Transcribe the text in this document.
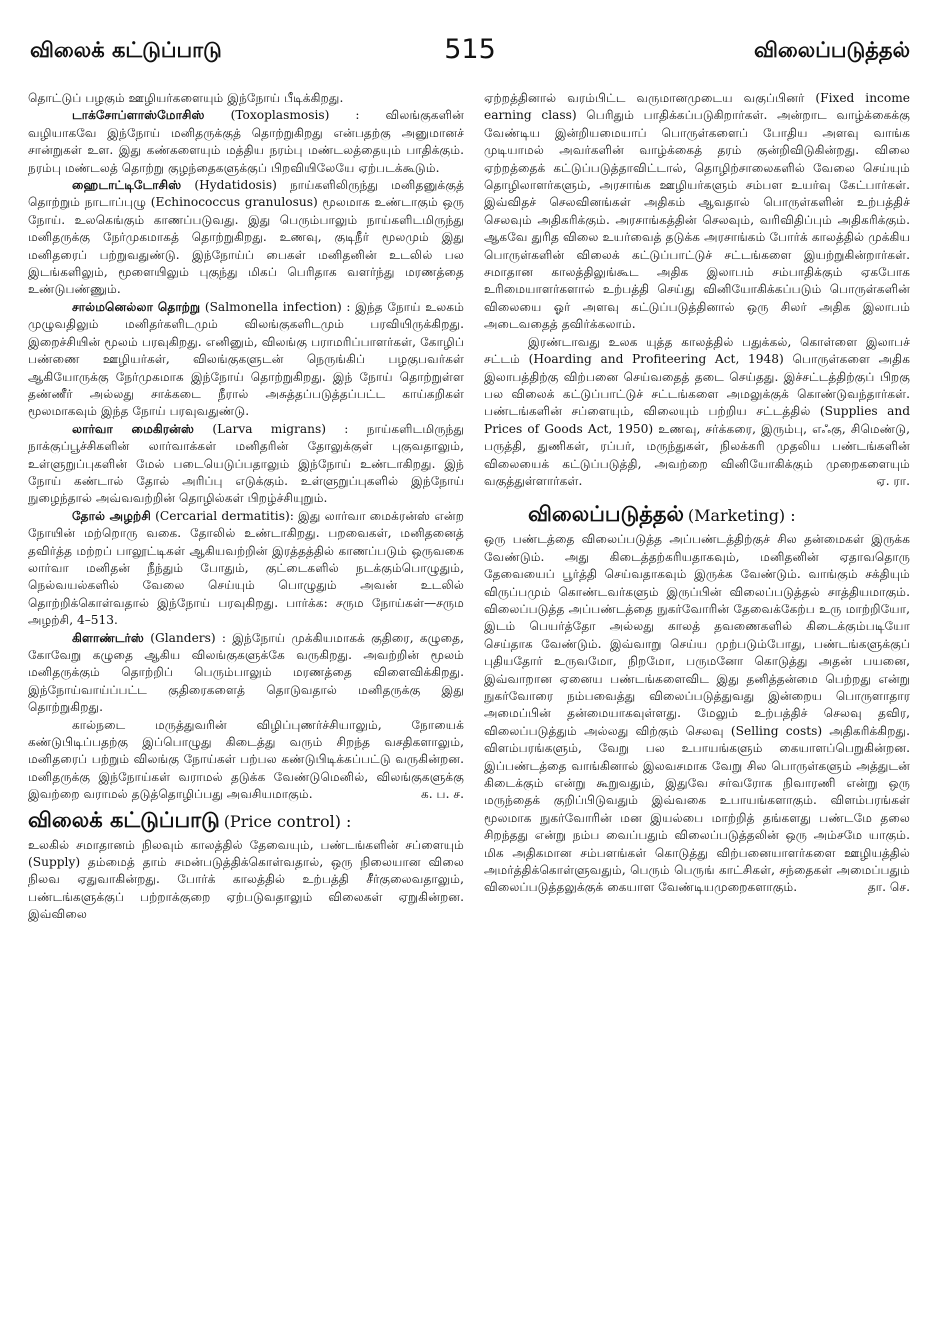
விலைக் கட்டுப்பாடு	515	விலைப்படுத்தல்

தொட்டுப் பழகும் ஊழியர்களையும் இந்நோய் பீடிக்கிறது.

டாக்சோப்ளாஸ்மோசிஸ் (Toxoplasmosis) : விலங்குகளின் வழியாகவே இந்நோய் மனிதருக்குத் தொற்றுகிறது என்பதற்கு அனுமானச் சான்றுகள் உள. இது கண்களையும் மத்திய நரம்பு மண்டலத்தையும் பாதிக்கும். நரம்பு மண்டலத் தொற்று குழந்தைகளுக்குப் பிறவியிலேயே ஏற்படக்கூடும்.

ஹைடாட்டிடோசிஸ் (Hydatidosis) நாய்களிலிருந்து மனிதனுக்குத் தொற்றும் நாடாப்புழு (Echinococcus granulosus) மூலமாக உண்டாகும் ஒரு நோய். உலகெங்கும் காணப்படுவது. இது பெரும்பாலும் நாய்களிடமிருந்து மனிதருக்கு நேர்முகமாகத் தொற்றுகிறது. உணவு, குடிநீர் மூலமும் இது மனிதரைப் பற்றுவதுண்டு. இந்நோய்ப் பைகள் மனிதனின் உடலில் பல இடங்களிலும், மூளையிலும் புகுந்து மிகப் பெரிதாக வளர்ந்து மரணத்தை உண்டுபண்ணும்.

சால்மனெல்லா தொற்று (Salmonella infection) : இந்த நோய் உலகம் முழுவதிலும் மனிதர்களிடமும் விலங்குகளிடமும் பரவியிருக்கிறது. இறைச்சியின் மூலம் பரவுகிறது. எனினும், விலங்கு பராமரிப்பாளர்கள், கோழிப் பண்ணை ஊழியர்கள், விலங்குகளுடன் நெருங்கிப் பழகுபவர்கள் ஆகியோருக்கு நேர்முகமாக இந்நோய் தொற்றுகிறது. இந் நோய் தொற்றுள்ள தண்ணீர் அல்லது சாக்கடை நீரால் அசுத்தப்படுத்தப்பட்ட காய்கறிகள் மூலமாகவும் இந்த நோய் பரவுவதுண்டு.

லார்வா மைகிரன்ஸ் (Larva migrans) : நாய்களிடமிருந்து நாக்குப்பூச்சிகளின் லார்வாக்கள் மனிதரின் தோலுக்குள் புகுவதாலும், உள்ளுறுப்புகளின் மேல் படையெடுப்பதாலும் இந்நோய் உண்டாகிறது. இந் நோய் கண்டால் தோல் அரிப்பு எடுக்கும். உள்ளுறுப்புகளில் இந்நோய் நுழைந்தால் அவ்வவற்றின் தொழில்கள் பிறழ்ச்சியுறும்.

தோல் அழற்சி (Cercarial dermatitis): இது லார்வா மைக்ரன்ஸ் என்ற நோயின் மற்றொரு வகை. தோலில் உண்டாகிறது. பறவைகள், மனிதனைத் தவிர்த்த மற்றப் பாலூட்டிகள் ஆகியவற்றின் இரத்தத்தில் காணப்படும் ஒருவகை லார்வா மனிதன் நீந்தும் போதும், குட்டைகளில் நடக்கும்பொழுதும், நெல்வயல்களில் வேலை செய்யும் பொழுதும் அவன் உடலில் தொற்றிக்கொள்வதால் இந்நோய் பரவுகிறது. பார்க்க: சரும நோய்கள்—சரும அழற்சி, 4–513.

கிளாண்டர்ஸ் (Glanders) : இந்நோய் முக்கியமாகக் குதிரை, கழுதை, கோவேறு கழுதை ஆகிய விலங்குகளுக்கே வருகிறது. அவற்றின் மூலம் மனிதருக்கும் தொற்றிப் பெரும்பாலும் மரணத்தை விளைவிக்கிறது. இந்நோய்வாய்ப்பட்ட குதிரைகளைத் தொடுவதால் மனிதருக்கு இது தொற்றுகிறது.

கால்நடை மருத்துவரின் விழிப்புணர்ச்சியாலும், நோயைக் கண்டுபிடிப்பதற்கு இப்பொழுது கிடைத்து வரும் சிறந்த வசதிகளாலும், மனிதரைப் பற்றும் விலங்கு நோய்கள் பற்பல கண்டுபிடிக்கப்பட்டு வருகின்றன. மனிதருக்கு இந்நோய்கள் வராமல் தடுக்க வேண்டுமெனில், விலங்குகளுக்கு இவற்றை வராமல் தடுத்தொழிப்பது அவசியமாகும்.	க. ப. ச.

விலைக் கட்டுப்பாடு (Price control) :

உலகில் சமாதானம் நிலவும் காலத்தில் தேவையும், பண்டங்களின் சப்ளையும் (Supply) தம்மைத் தாம் சமன்படுத்திக்கொள்வதால், ஒரு நிலையான விலை நிலவ ஏதுவாகின்றது. போர்க் காலத்தில் உற்பத்தி சீர்குலைவதாலும், பண்டங்களுக்குப் பற்றாக்குறை ஏற்படுவதாலும் விலைகள் ஏறுகின்றன. இவ்விலை

ஏற்றத்தினால் வரம்பிட்ட வருமானமுடைய வகுப்பினர் (Fixed income earning class) பெரிதும் பாதிக்கப்படுகிறார்கள். அன்றாட வாழ்க்கைக்கு வேண்டிய இன்றியமையாப் பொருள்களைப் போதிய அளவு வாங்க முடியாமல் அவர்களின் வாழ்க்கைத் தரம் குன்றிவிடுகின்றது. விலை ஏற்றத்தைக் கட்டுப்படுத்தாவிட்டால், தொழிற்சாலைகளில் வேலை செய்யும் தொழிலாளர்களும், அரசாங்க ஊழியர்களும் சம்பள உயர்வு கேட்பார்கள். இவ்விதச் செலவினங்கள் அதிகம் ஆவதால் பொருள்களின் உற்பத்திச் செலவும் அதிகரிக்கும். அரசாங்கத்தின் செலவும், வரிவிதிப்பும் அதிகரிக்கும். ஆகவே துரித விலை உயர்வைத் தடுக்க அரசாங்கம் போர்க் காலத்தில் முக்கிய பொருள்களின் விலைக் கட்டுப்பாட்டுச் சட்டங்களை இயற்றுகின்றார்கள். சமாதான காலத்திலுங்கூட அதிக இலாபம் சம்பாதிக்கும் ஏகபோக உரிமையாளர்களால் உற்பத்தி செய்து வினியோகிக்கப்படும் பொருள்களின் விலையை ஓர் அளவு கட்டுப்படுத்தினால் ஒரு சிலர் அதிக இலாபம் அடைவதைத் தவிர்க்கலாம்.

இரண்டாவது உலக யுத்த காலத்தில் பதுக்கல், கொள்ளை இலாபச் சட்டம் (Hoarding and Profiteering Act, 1948) பொருள்களை அதிக இலாபத்திற்கு விற்பனை செய்வதைத் தடை செய்தது. இச்சட்டத்திற்குப் பிறகு பல விலைக் கட்டுப்பாட்டுச் சட்டங்களை அமலுக்குக் கொண்டுவந்தார்கள். பண்டங்களின் சப்ளையும், விலையும் பற்றிய சட்டத்தில் (Supplies and Prices of Goods Act, 1950) உணவு, சர்க்கரை, இரும்பு, எஃகு, சிமெண்டு, பருத்தி, துணிகள், ரப்பர், மருந்துகள், நிலக்கரி முதலிய பண்டங்களின் விலையைக் கட்டுப்படுத்தி, அவற்றை வினியோகிக்கும் முறைகளையும் வகுத்துள்ளார்கள்.	ஏ. ரா.

விலைப்படுத்தல் (Marketing) :

ஒரு பண்டத்தை விலைப்படுத்த அப்பண்டத்திற்குச் சில தன்மைகள் இருக்க வேண்டும். அது கிடைத்தற்கரியதாகவும், மனிதனின் ஏதாவதொரு தேவையைப் பூர்த்தி செய்வதாகவும் இருக்க வேண்டும். வாங்கும் சக்தியும் விருப்பமும் கொண்டவர்களும் இருப்பின் விலைப்படுத்தல் சாத்தியமாகும். விலைப்படுத்த அப்பண்டத்தை நுகர்வோரின் தேவைக்கேற்ப உரு மாற்றியோ, இடம் பெயர்த்தோ அல்லது காலத் தவணைகளில் கிடைக்கும்படியோ செய்தாக வேண்டும். இவ்வாறு செய்ய முற்படும்போது, பண்டங்களுக்குப் புதியதோர் உருவமோ, நிறமோ, பருமனோ கொடுத்து அதன் பயனை, இவ்வாறான ஏனைய பண்டங்களைவிட இது தனித்தன்மை பெற்றது என்று நுகர்வோரை நம்பவைத்து விலைப்படுத்துவது இன்றைய பொருளாதார அமைப்பின் தன்மையாகவுள்ளது. மேலும் உற்பத்திச் செலவு தவிர, விலைப்படுத்தும் அல்லது விற்கும் செலவு (Selling costs) அதிகரிக்கிறது. விளம்பரங்களும், வேறு பல உபாயங்களும் கையாளப்பெறுகின்றன. இப்பண்டத்தை வாங்கினால் இலவசமாக வேறு சில பொருள்களும் அத்துடன் கிடைக்கும் என்று கூறுவதும், இதுவே சர்வரோக நிவாரணி என்று ஒரு மருந்தைக் குறிப்பிடுவதும் இவ்வகை உபாயங்களாகும். விளம்பரங்கள் மூலமாக நுகர்வோரின் மன இயல்பை மாற்றித் தங்களது பண்டமே தலை சிறந்தது என்று நம்ப வைப்பதும் விலைப்படுத்தலின் ஒரு அம்சமே யாகும். மிக அதிகமான சம்பளங்கள் கொடுத்து விற்பனையாளர்களை ஊழியத்தில் அமர்த்திக்கொள்ளுவதும், பெரும் பெருங் காட்சிகள், சந்தைகள் அமைப்பதும் விலைப்படுத்தலுக்குக் கையாள வேண்டியமுறைகளாகும்.	தா. செ.
